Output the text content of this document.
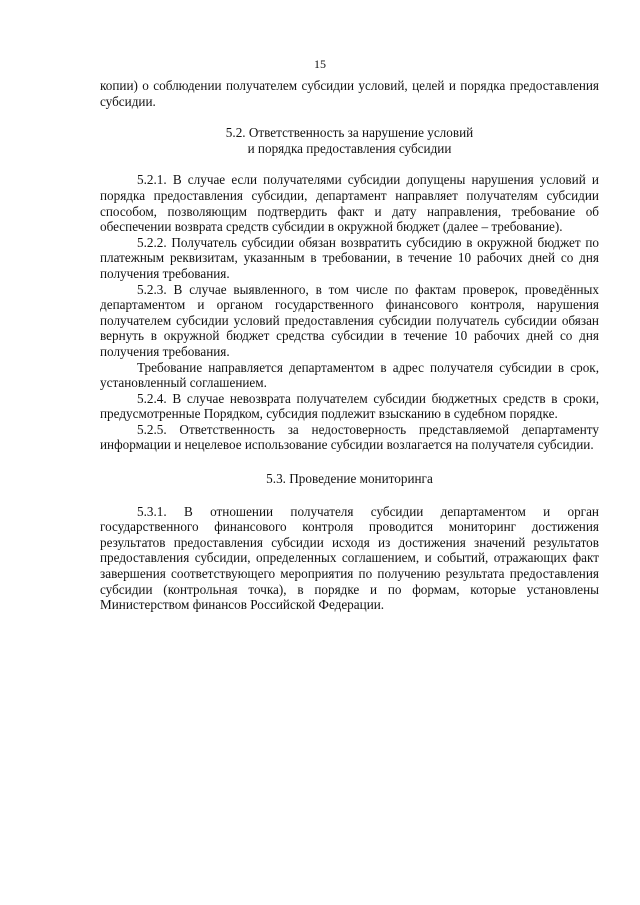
15

копии) о соблюдении получателем субсидии условий, целей и порядка предоставления субсидии.

5.2. Ответственность за нарушение условий
и порядка предоставления субсидии

5.2.1. В случае если получателями субсидии допущены нарушения условий и порядка предоставления субсидии, департамент направляет получателям субсидии способом, позволяющим подтвердить факт и дату направления, требование об обеспечении возврата средств субсидии в окружной бюджет (далее – требование).

5.2.2. Получатель субсидии обязан возвратить субсидию в окружной бюджет по платежным реквизитам, указанным в требовании, в течение 10 рабочих дней со дня получения требования.

5.2.3. В случае выявленного, в том числе по фактам проверок, проведённых департаментом и органом государственного финансового контроля, нарушения получателем субсидии условий предоставления субсидии получатель субсидии обязан вернуть в окружной бюджет средства субсидии в течение 10 рабочих дней со дня получения требования.

Требование направляется департаментом в адрес получателя субсидии в срок, установленный соглашением.

5.2.4. В случае невозврата получателем субсидии бюджетных средств в сроки, предусмотренные Порядком, субсидия подлежит взысканию в судебном порядке.

5.2.5. Ответственность за недостоверность представляемой департаменту информации и нецелевое использование субсидии возлагается на получателя субсидии.

5.3. Проведение мониторинга

5.3.1. В отношении получателя субсидии департаментом и орган государственного финансового контроля проводится мониторинг достижения результатов предоставления субсидии исходя из достижения значений результатов предоставления субсидии, определенных соглашением, и событий, отражающих факт завершения соответствующего мероприятия по получению результата предоставления субсидии (контрольная точка), в порядке и по формам, которые установлены Министерством финансов Российской Федерации.
